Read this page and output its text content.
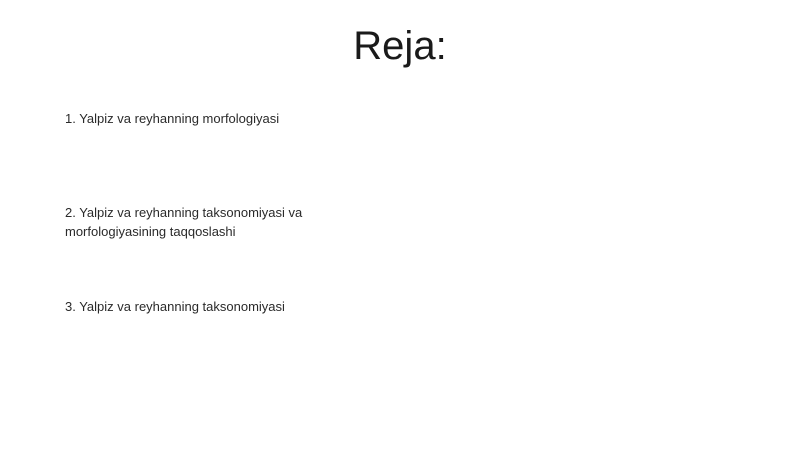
Reja:
1. Yalpiz va reyhanning morfologiyasi
2. Yalpiz va reyhanning taksonomiyasi va morfologiyasining taqqoslashi
3. Yalpiz va reyhanning taksonomiyasi
